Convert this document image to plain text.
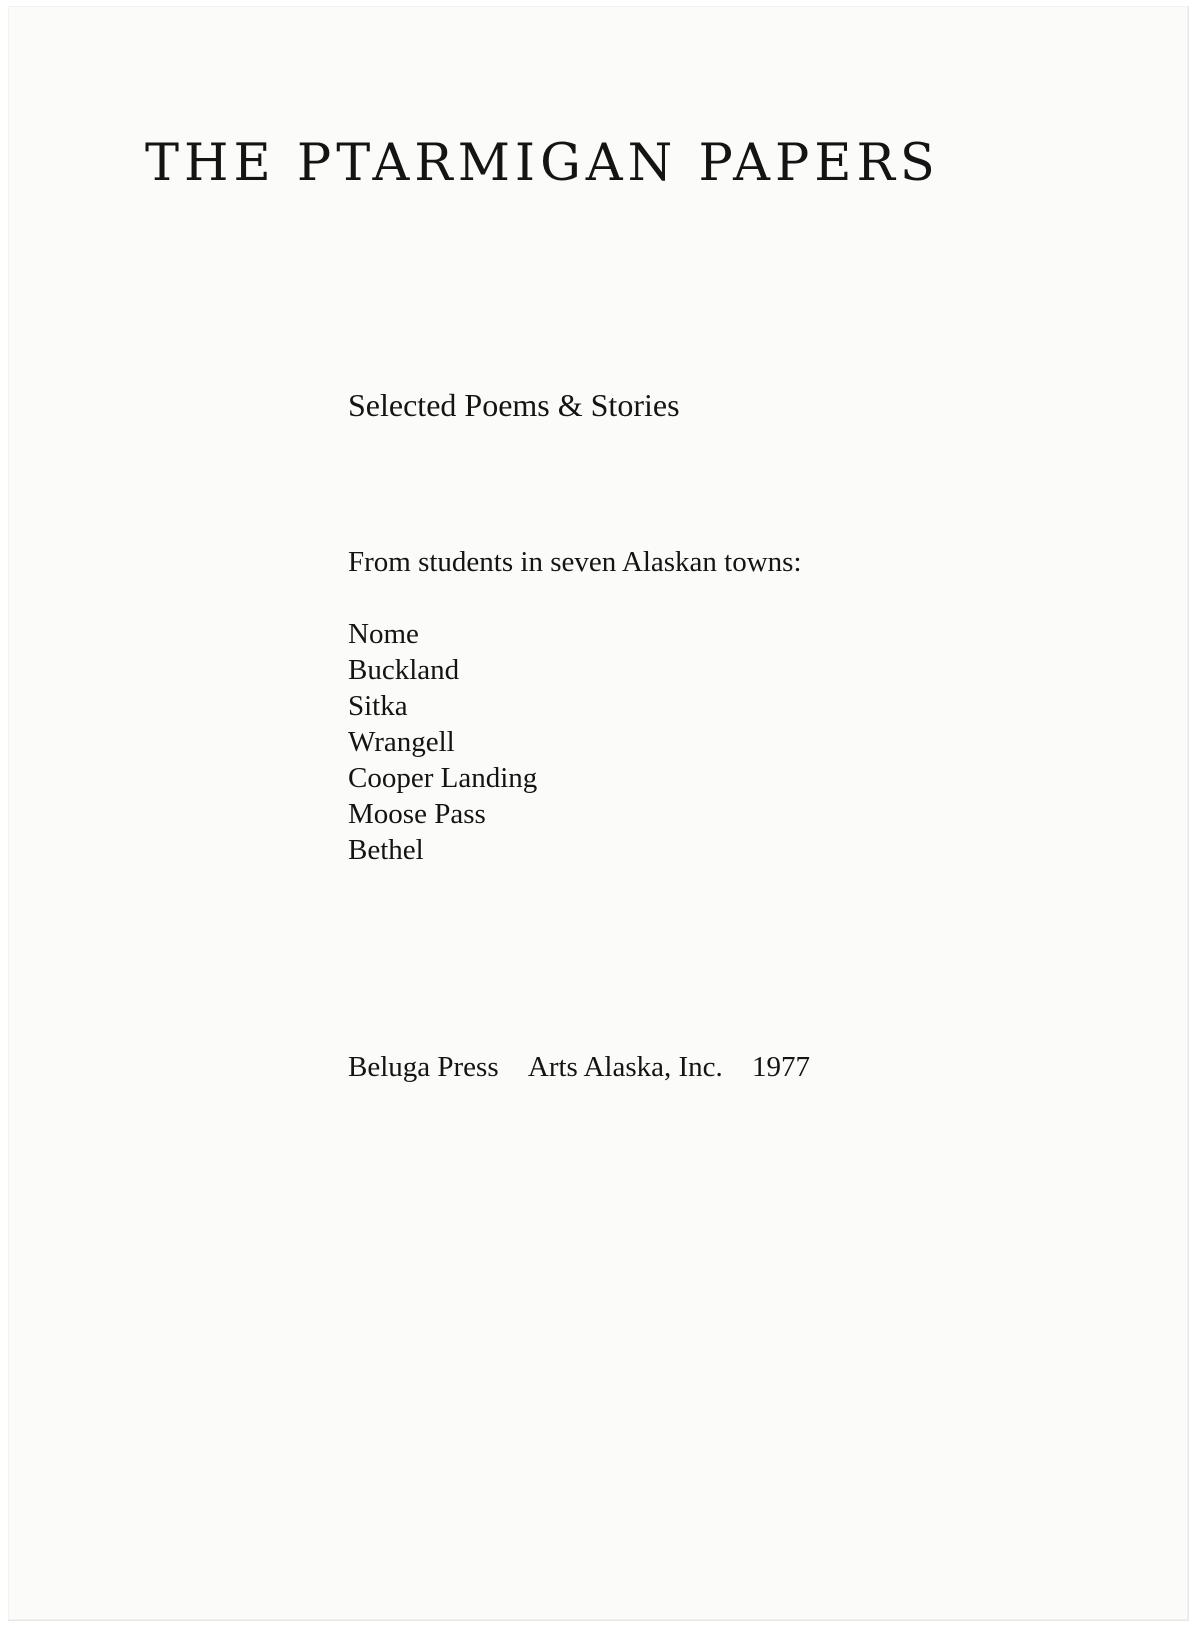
THE PTARMIGAN PAPERS

Selected Poems & Stories

From students in seven Alaskan towns:

Nome
Buckland
Sitka
Wrangell
Cooper Landing
Moose Pass
Bethel

Beluga Press Arts Alaska, Inc. 1977
